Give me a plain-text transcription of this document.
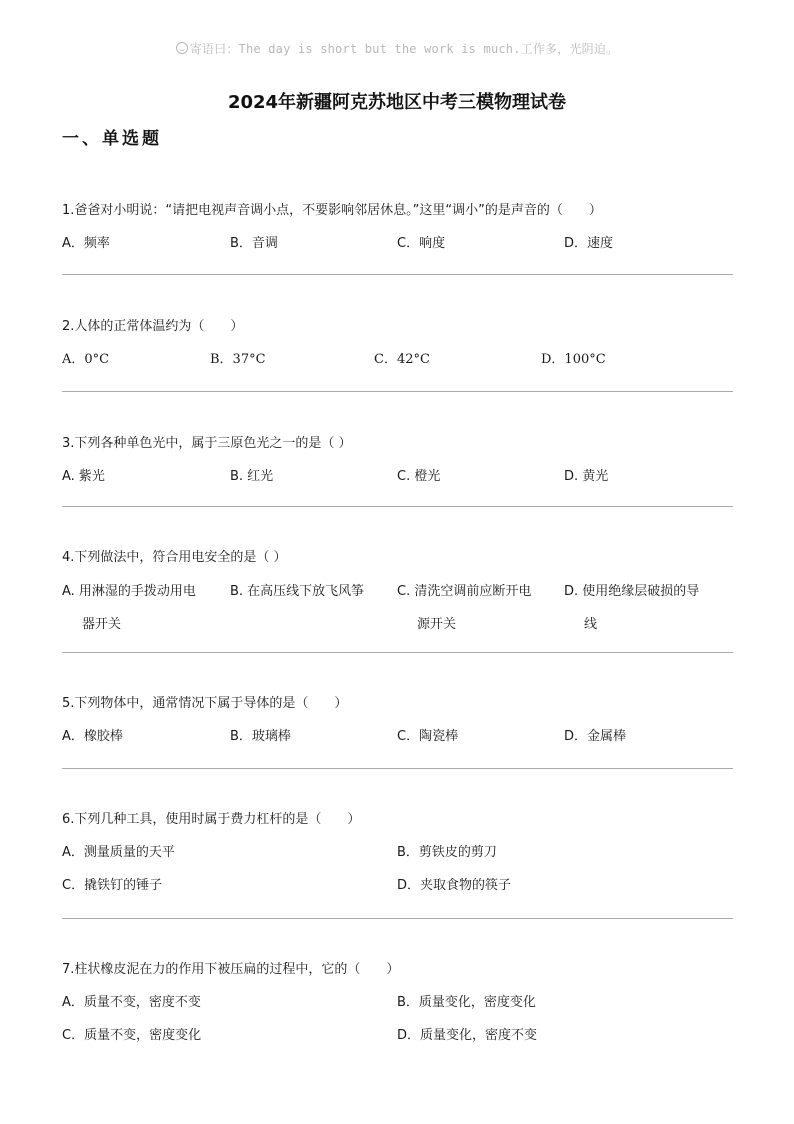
寄语曰：The day is short but the work is much.工作多，光阴迫。
2024年新疆阿克苏地区中考三模物理试卷
一、单选题
1.爸爸对小明说：“请把电视声音调小点，不要影响邻居休息。”这里“调小”的是声音的（　　）
A．频率	B．音调	C．响度	D．速度
2.人体的正常体温约为（　　）
A．0°C	B．37°C	C．42°C	D．100°C
3.下列各种单色光中，属于三原色光之一的是（ ）
A. 紫光	B. 红光	C. 橙光	D. 黄光
4.下列做法中，符合用电安全的是（ ）
A. 用淋湿的手拨动用电
器开关
B. 在高压线下放飞风筝	C. 清洗空调前应断开电
源开关
D. 使用绝缘层破损的导
线
5.下列物体中，通常情况下属于导体的是（　　）
A．橡胶棒	B．玻璃棒	C．陶瓷棒	D．金属棒
6.下列几种工具，使用时属于费力杠杆的是（　　）
A．测量质量的天平	B．剪铁皮的剪刀
C．撬铁钉的锤子	D．夹取食物的筷子
7.柱状橡皮泥在力的作用下被压扁的过程中，它的（　　）
A．质量不变，密度不变	B．质量变化，密度变化
C．质量不变，密度变化	D．质量变化，密度不变
